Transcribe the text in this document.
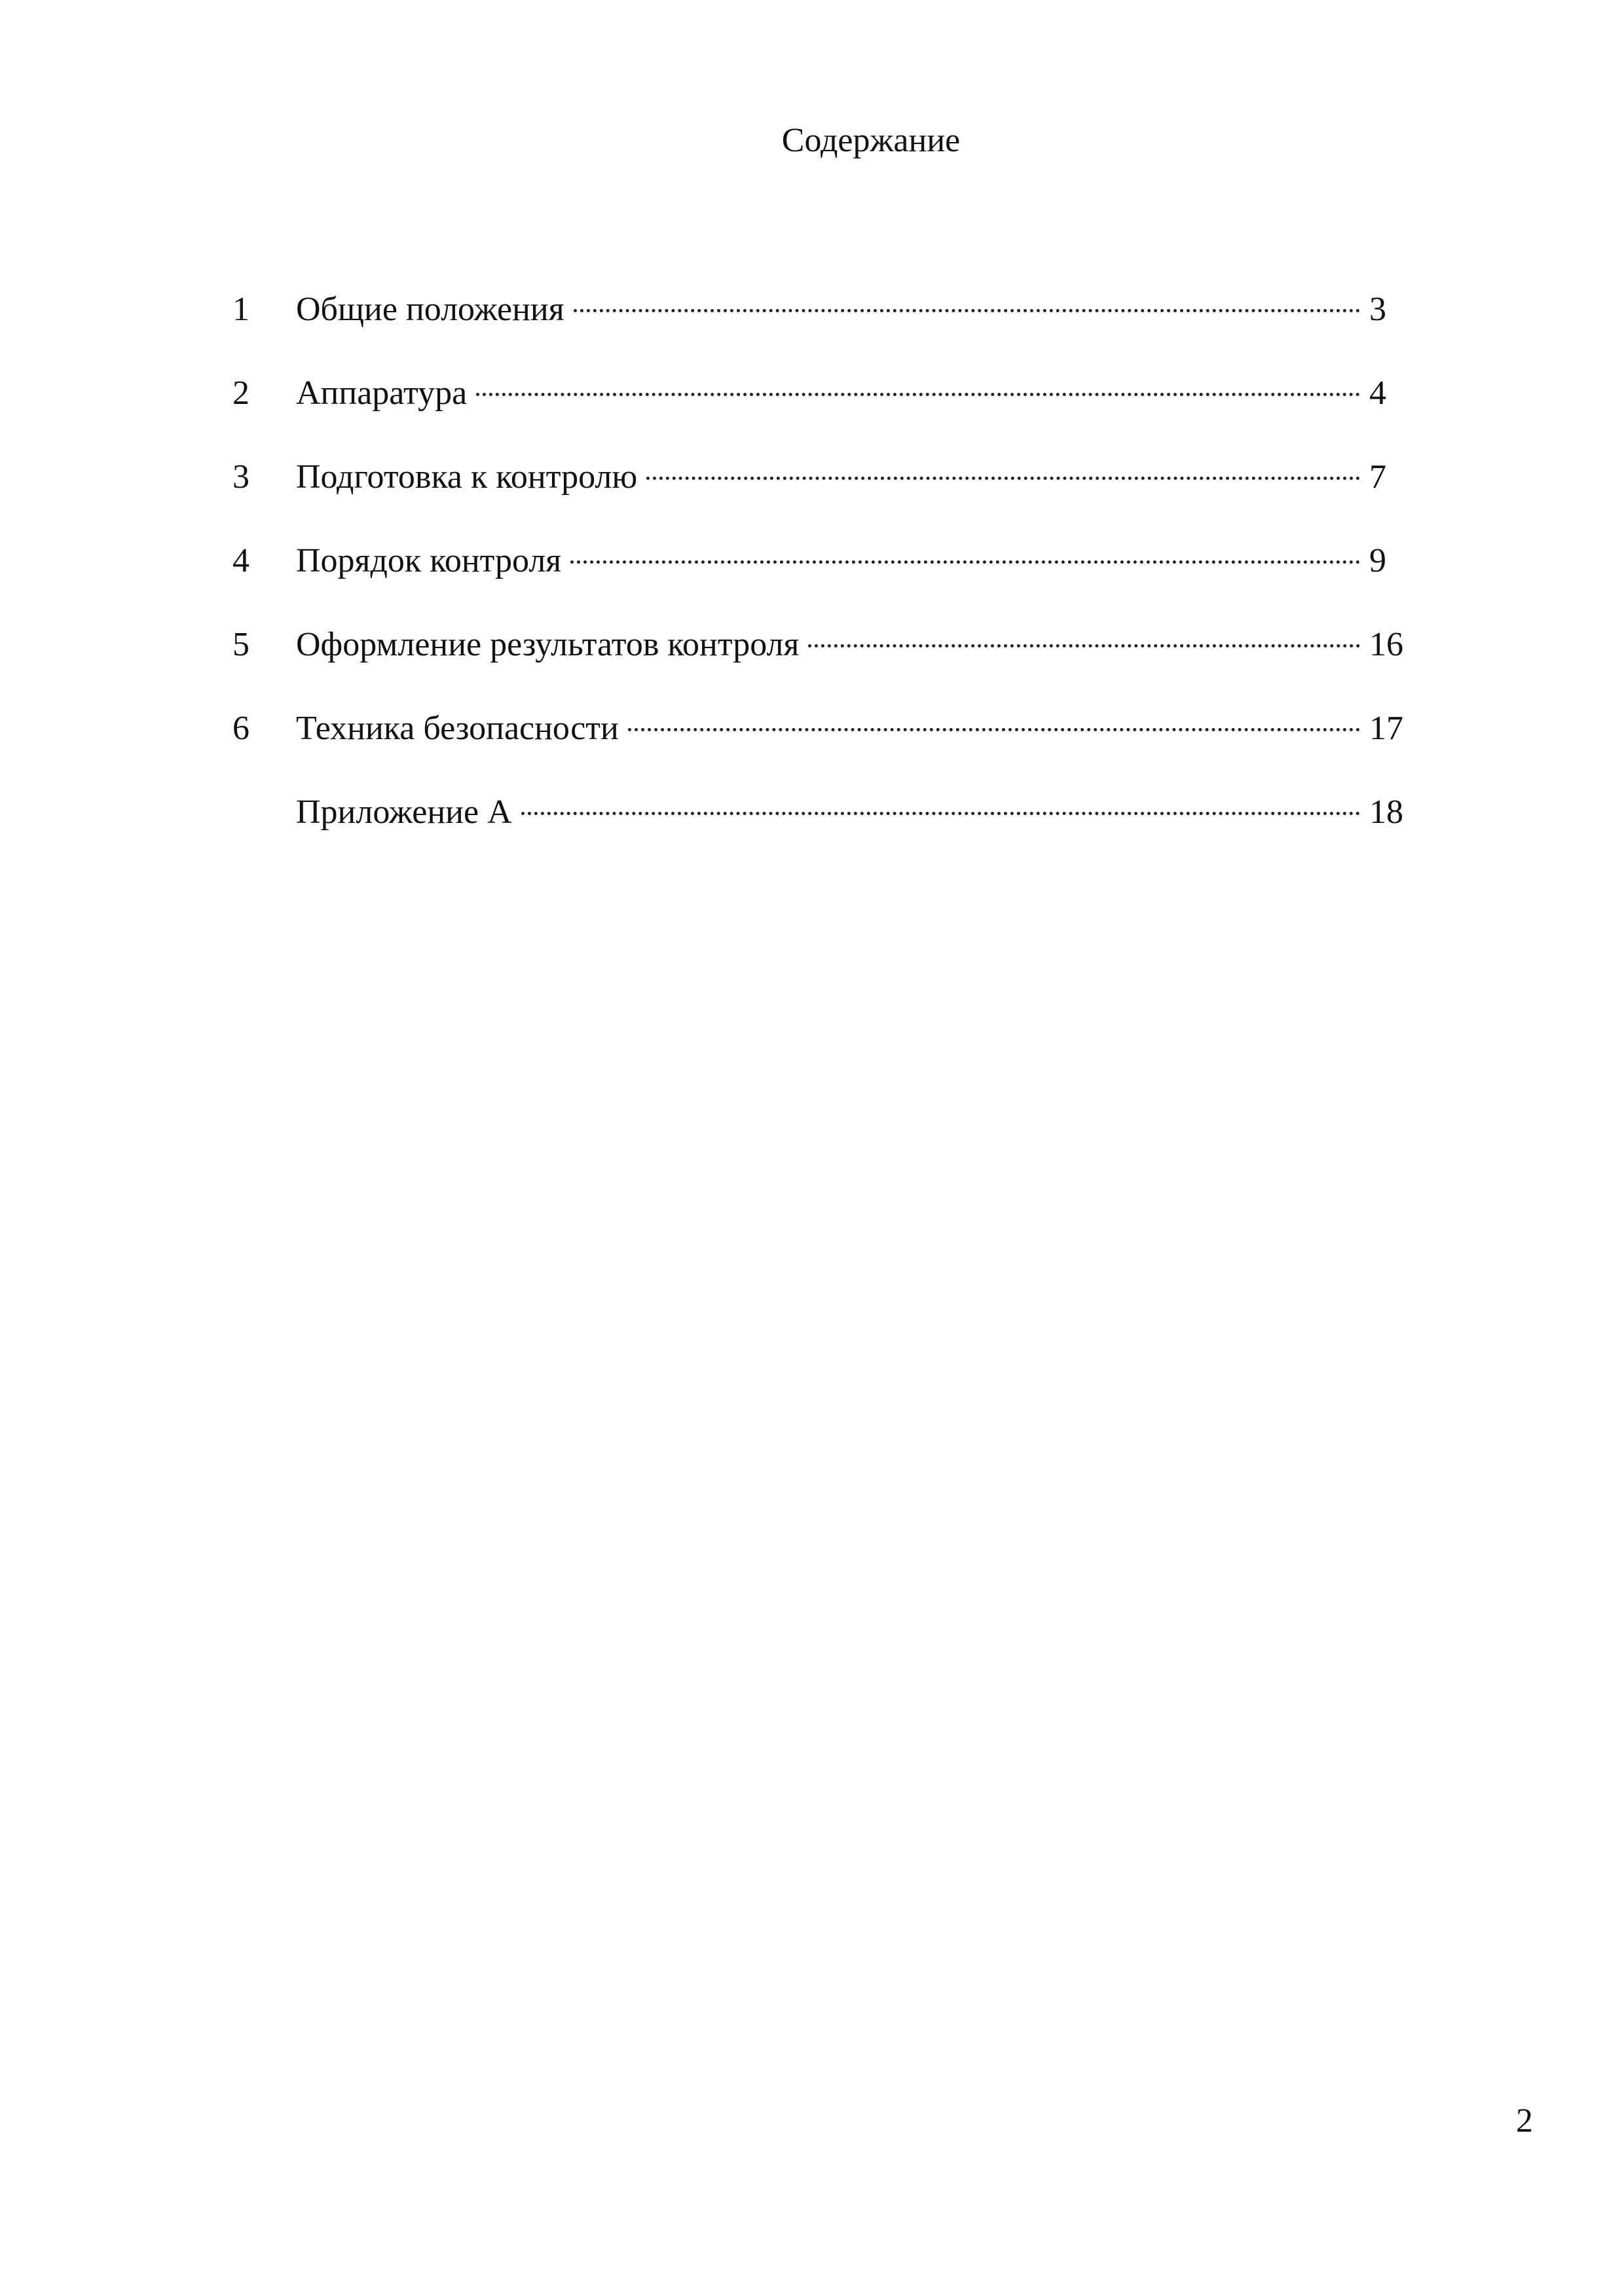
Содержание
1	Общие положения	3
2	Аппаратура	4
3	Подготовка к контролю	7
4	Порядок контроля	9
5	Оформление результатов контроля	16
6	Техника безопасности	17
Приложение А	18
2
